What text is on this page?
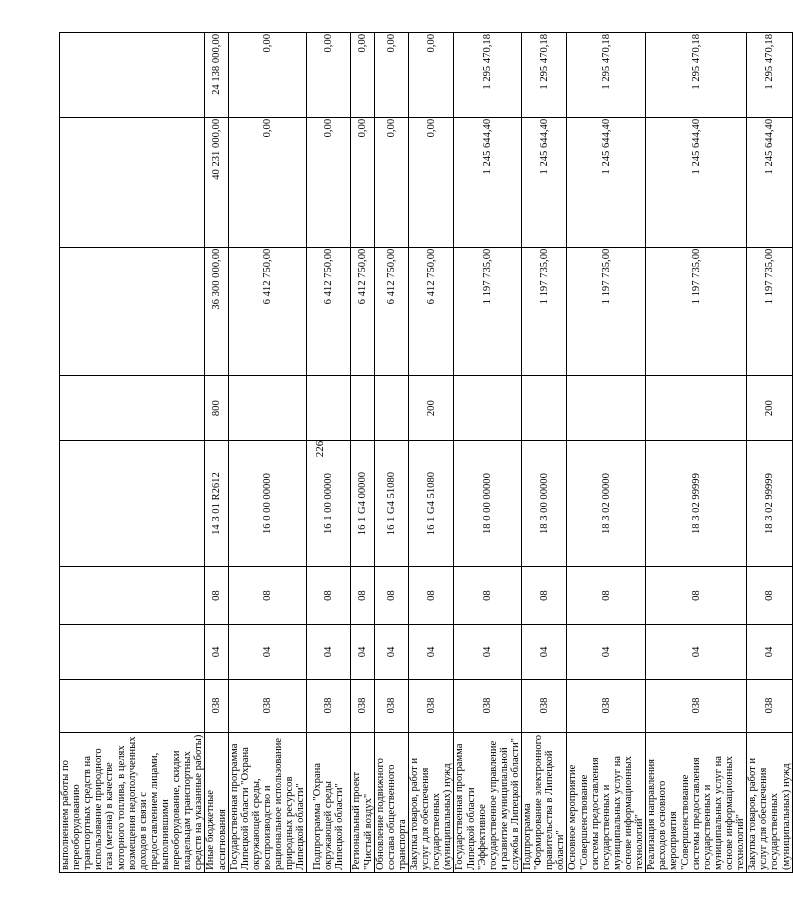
226
выполнением работы по переоборудованию транспортных средств на использование природного газа (метана) в качестве моторного топлива, в целях возмещения недополученных доходов в связи с предоставлением лицами, выполнившими переоборудование, скидки владельцам транспортных средств на указанные работы)								
Иные бюджетные ассигнования	038	04	08	14 3 01 R2612	800	36 300 000,00	40 231 000,00	24 138 000,00
Государственная программа Липецкой области "Охрана окружающей среды, воспроизводство и рациональное использование природных ресурсов Липецкой области"	038	04	08	16 0 00 00000		6 412 750,00	0,00	0,00
Подпрограмма "Охрана окружающей среды Липецкой области"	038	04	08	16 1 00 00000		6 412 750,00	0,00	0,00
Региональный проект "Чистый воздух"	038	04	08	16 1 G4 00000		6 412 750,00	0,00	0,00
Обновление подвижного состава общественного транспорта	038	04	08	16 1 G4 51080		6 412 750,00	0,00	0,00
Закупка товаров, работ и услуг для обеспечения государственных (муниципальных) нужд	038	04	08	16 1 G4 51080	200	6 412 750,00	0,00	0,00
Государственная программа Липецкой области "Эффективное государственное управление и развитие муниципальной службы в Липецкой области"	038	04	08	18 0 00 00000		1 197 735,00	1 245 644,40	1 295 470,18
Подпрограмма "Формирование электронного правительства в Липецкой области"	038	04	08	18 3 00 00000		1 197 735,00	1 245 644,40	1 295 470,18
Основное мероприятие "Совершенствование системы предоставления государственных и муниципальных услуг на основе информационных технологий"	038	04	08	18 3 02 00000		1 197 735,00	1 245 644,40	1 295 470,18
Реализация направления расходов основного мероприятия "Совершенствование системы предоставления государственных и муниципальных услуг на основе информационных технологий"	038	04	08	18 3 02 99999		1 197 735,00	1 245 644,40	1 295 470,18
Закупка товаров, работ и услуг для обеспечения государственных (муниципальных) нужд	038	04	08	18 3 02 99999	200	1 197 735,00	1 245 644,40	1 295 470,18
